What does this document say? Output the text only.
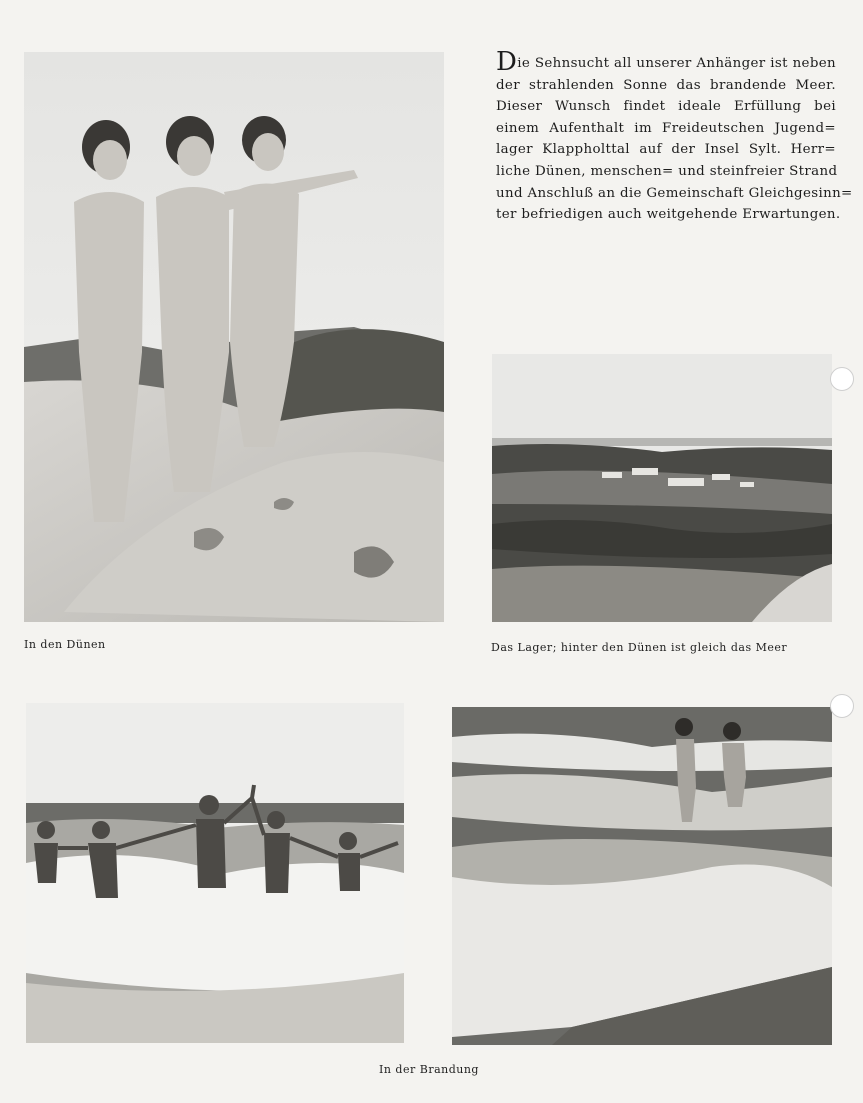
Die Sehnsucht all unserer Anhänger ist neben
der strahlenden Sonne das brandende Meer.
Dieser Wunsch findet ideale Erfüllung bei
einem Aufenthalt im Freideutschen Jugend=
lager Klappholttal auf der Insel Sylt. Herr=
liche Dünen, menschen= und steinfreier Strand
und Anschluß an die Gemeinschaft Gleichgesinn=
ter befriedigen auch weitgehende Erwartungen.
In den Dünen	Das Lager; hinter den Dünen ist gleich das Meer
In der Brandung
